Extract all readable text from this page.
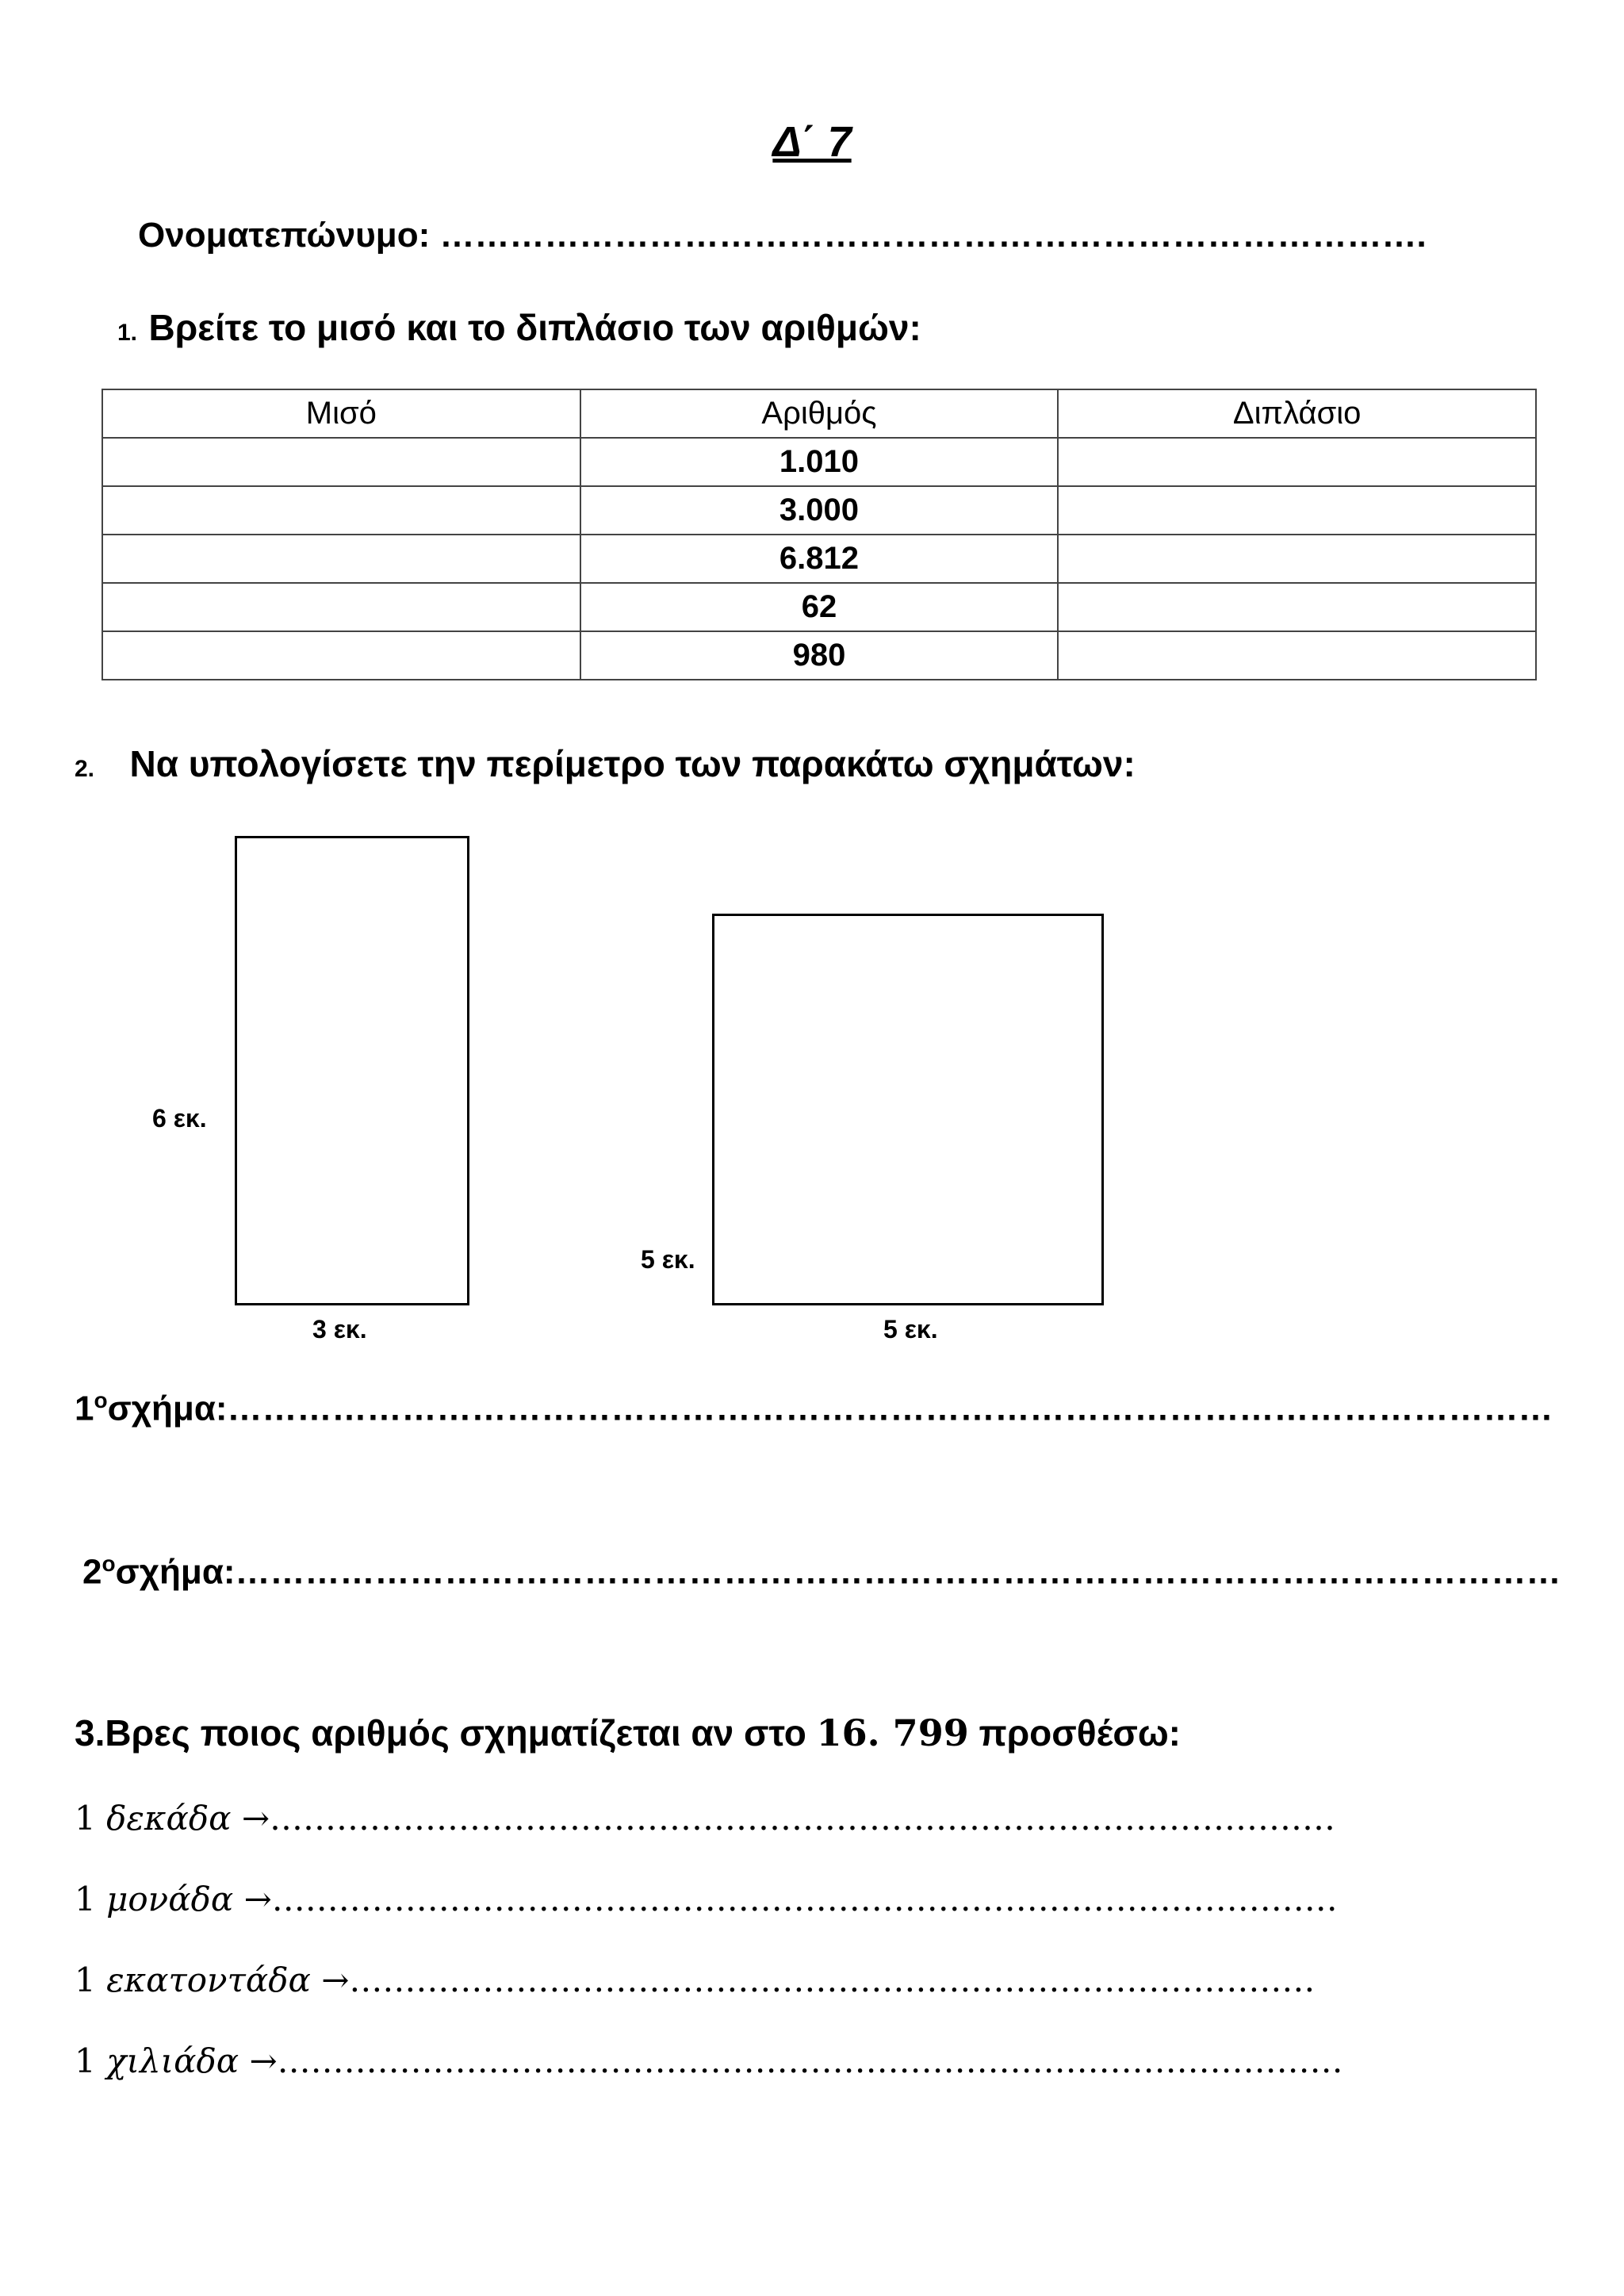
Δ΄ 7
Ονοματεπώνυμο: ………………………………………………………………………….
1. Βρείτε το μισό και το διπλάσιο των αριθμών:
Μισό	Αριθμός	Διπλάσιο
	1.010	
	3.000	
	6.812	
	62	
	980	
2. Να υπολογίσετε την περίμετρο των παρακάτω σχημάτων:
6 εκ.
3 εκ.
5 εκ.
5 εκ.
$1^o\sigma\chi ή\mu\alpha:\dots\dots\dots\dots\dots\dots\dots\dots\dots\dots\dots\dots\dots\dots\dots\dots\dots\dots\dots\dots\dots\dots\dots\dots\dots\dots\dots\dots\dots\dots\dots\dots\dots\dots\dots\dots\dots\dots$
$2^o\sigma\chi ή\mu\alpha:\dots\dots\dots\dots\dots\dots\dots\dots\dots\dots\dots\dots\dots\dots\dots\dots\dots\dots\dots\dots\dots\dots\dots\dots\dots\dots\dots\dots\dots\dots\dots\dots\dots\dots\dots\dots\dots\dots$
3.Βρες ποιος αριθμός σχηματίζεται αν στο 16. 799 προσθέσω:
1 δεκάδα →……………………………………………………………………………………
1 μονάδα →……………………………………………………………………………………
1 εκατοντάδα →……………………………………………………………………………
1 χιλιάδα →……………………………………………………………………………………
